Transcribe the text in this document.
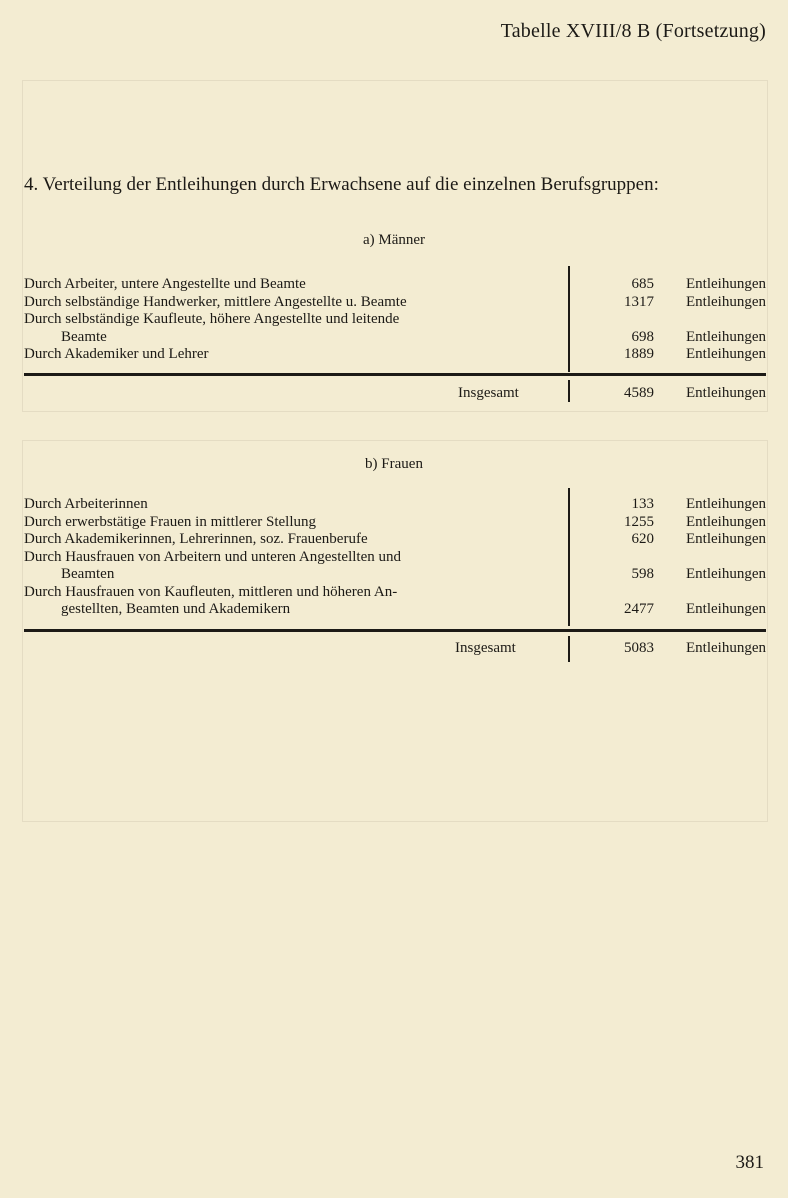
Tabelle XVIII/8 B (Fortsetzung)
4. Verteilung der Entleihungen durch Erwachsene auf die einzelnen Berufsgruppen:
a) Männer
Durch Arbeiter, untere Angestellte und Beamte	685 Entleihungen
Durch selbständige Handwerker, mittlere Angestellte u. Beamte	1317 Entleihungen
Durch selbständige Kaufleute, höhere Angestellte und leitende
Beamte	698 Entleihungen
Durch Akademiker und Lehrer	1889 Entleihungen
Insgesamt	4589 Entleihungen
b) Frauen
Durch Arbeiterinnen	133 Entleihungen
Durch erwerbstätige Frauen in mittlerer Stellung	1255 Entleihungen
Durch Akademikerinnen, Lehrerinnen, soz. Frauenberufe	620 Entleihungen
Durch Hausfrauen von Arbeitern und unteren Angestellten und
Beamten	598 Entleihungen
Durch Hausfrauen von Kaufleuten, mittleren und höheren An-
gestellten, Beamten und Akademikern	2477 Entleihungen
Insgesamt	5083 Entleihungen
381
